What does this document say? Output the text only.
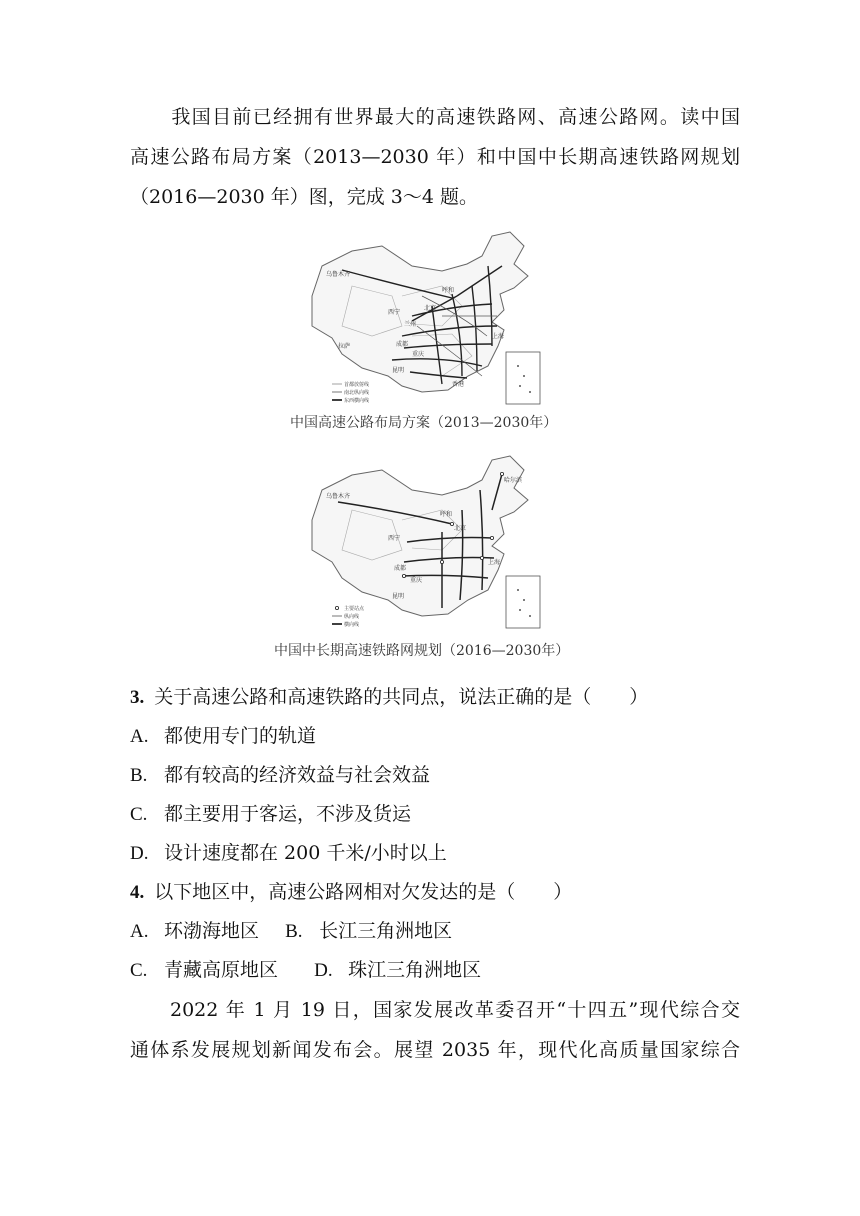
我国目前已经拥有世界最大的高速铁路网、高速公路网。读中国
高速公路布局方案（2013—2030 年）和中国中长期高速铁路网规划
（2016—2030 年）图，完成 3～4 题。
乌鲁木齐
北京
呼和
西宁
兰州
成都
重庆
拉萨
上海
昆明
香港
首都放射线
南北纵向线
东西横向线
中国高速公路布局方案（2013—2030年）
乌鲁木齐
哈尔滨
呼和
北京
西宁
成都
重庆
昆明
上海
主要站点
纵向线
横向线
中国中长期高速铁路网规划（2016—2030年）
3. 关于高速公路和高速铁路的共同点，说法正确的是（　　）
A. 都使用专门的轨道
B. 都有较高的经济效益与社会效益
C. 都主要用于客运，不涉及货运
D. 设计速度都在 200 千米/小时以上
4. 以下地区中，高速公路网相对欠发达的是（　　）
A. 环渤海地区 B. 长江三角洲地区
C. 青藏高原地区 D. 珠江三角洲地区
2022 年 1 月 19 日，国家发展改革委召开“十四五”现代综合交
通体系发展规划新闻发布会。展望 2035 年，现代化高质量国家综合
